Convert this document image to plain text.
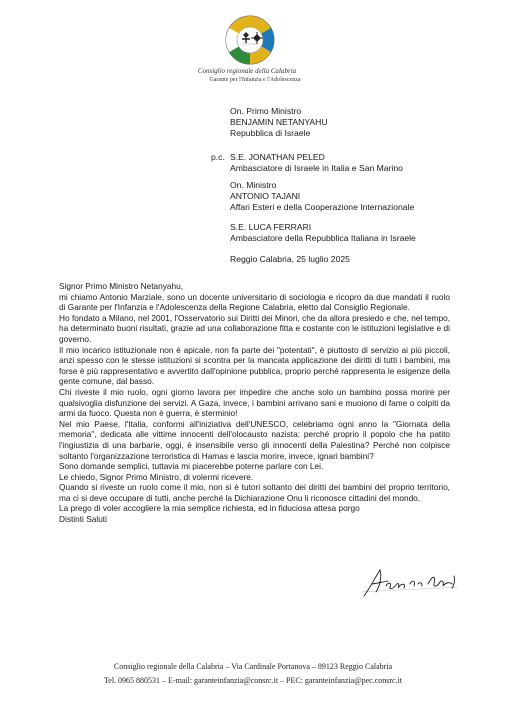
Consiglio regionale della Calabria
Garante per l'Infanzia e l'Adolescenza
On. Primo Ministro
BENJAMIN NETANYAHU
Repubblica di Israele
p.c. S.E. JONATHAN PELED
Ambasciatore di Israele in Italia e San Marino
On. Ministro
ANTONIO TAJANI
Affari Esteri e della Cooperazione Internazionale
S.E. LUCA FERRARI
Ambasciatore della Repubblica Italiana in Israele
Reggio Calabria, 25 luglio 2025

Signor Primo Ministro Netanyahu,

mi chiamo Antonio Marziale, sono un docente universitario di sociologia e ricopro da due mandati il ruolo di Garante per l'Infanzia e l'Adolescenza della Regione Calabria, eletto dal Consiglio Regionale.

Ho fondato a Milano, nel 2001, l'Osservatorio sui Diritti dei Minori, che da allora presiedo e che, nel tempo, ha determinato buoni risultati, grazie ad una collaborazione fitta e costante con le istituzioni legislative e di governo.

Il mio incarico istituzionale non è apicale, non fa parte dei "potentati", è piuttosto di servizio ai più piccoli, anzi spesso con le stesse istituzioni si scontra per la mancata applicazione dei diritti di tutti i bambini, ma forse è più rappresentativo e avvertito dall'opinione pubblica, proprio perché rappresenta le esigenze della gente comune, dal basso.

Chi riveste il mio ruolo, ogni giorno lavora per impedire che anche solo un bambino possa morire per qualsivoglia disfunzione dei servizi. A Gaza, invece, i bambini arrivano sani e muoiono di fame o colpiti da armi da fuoco. Questa non è guerra, è sterminio!

Nel mio Paese, l'Italia, conformi all'iniziativa dell'UNESCO, celebriamo ogni anno la "Giornata della memoria", dedicata alle vittime innocenti dell'olocausto nazista: perché proprio il popolo che ha patito l'ingiustizia di una barbarie, oggi, è insensibile verso gli innocenti della Palestina? Perché non colpisce soltanto l'organizzazione terroristica di Hamas e lascia morire, invece, ignari bambini?

Sono domande semplici, tuttavia mi piacerebbe poterne parlare con Lei.

Le chiedo, Signor Primo Ministro, di volermi ricevere.

Quando si riveste un ruolo come il mio, non si è tutori soltanto dei diritti dei bambini del proprio territorio, ma ci si deve occupare di tutti, anche perché la Dichiarazione Onu li riconosce cittadini del mondo.

La prego di voler accogliere la mia semplice richiesta, ed in fiduciosa attesa porgo

Distinti Saluti

Consiglio regionale della Calabria – Via Cardinale Portanova – 89123 Reggio Calabria
Tel. 0965 880531 – E-mail: garanteinfanzia@consrc.it – PEC: garanteinfanzia@pec.consrc.it
